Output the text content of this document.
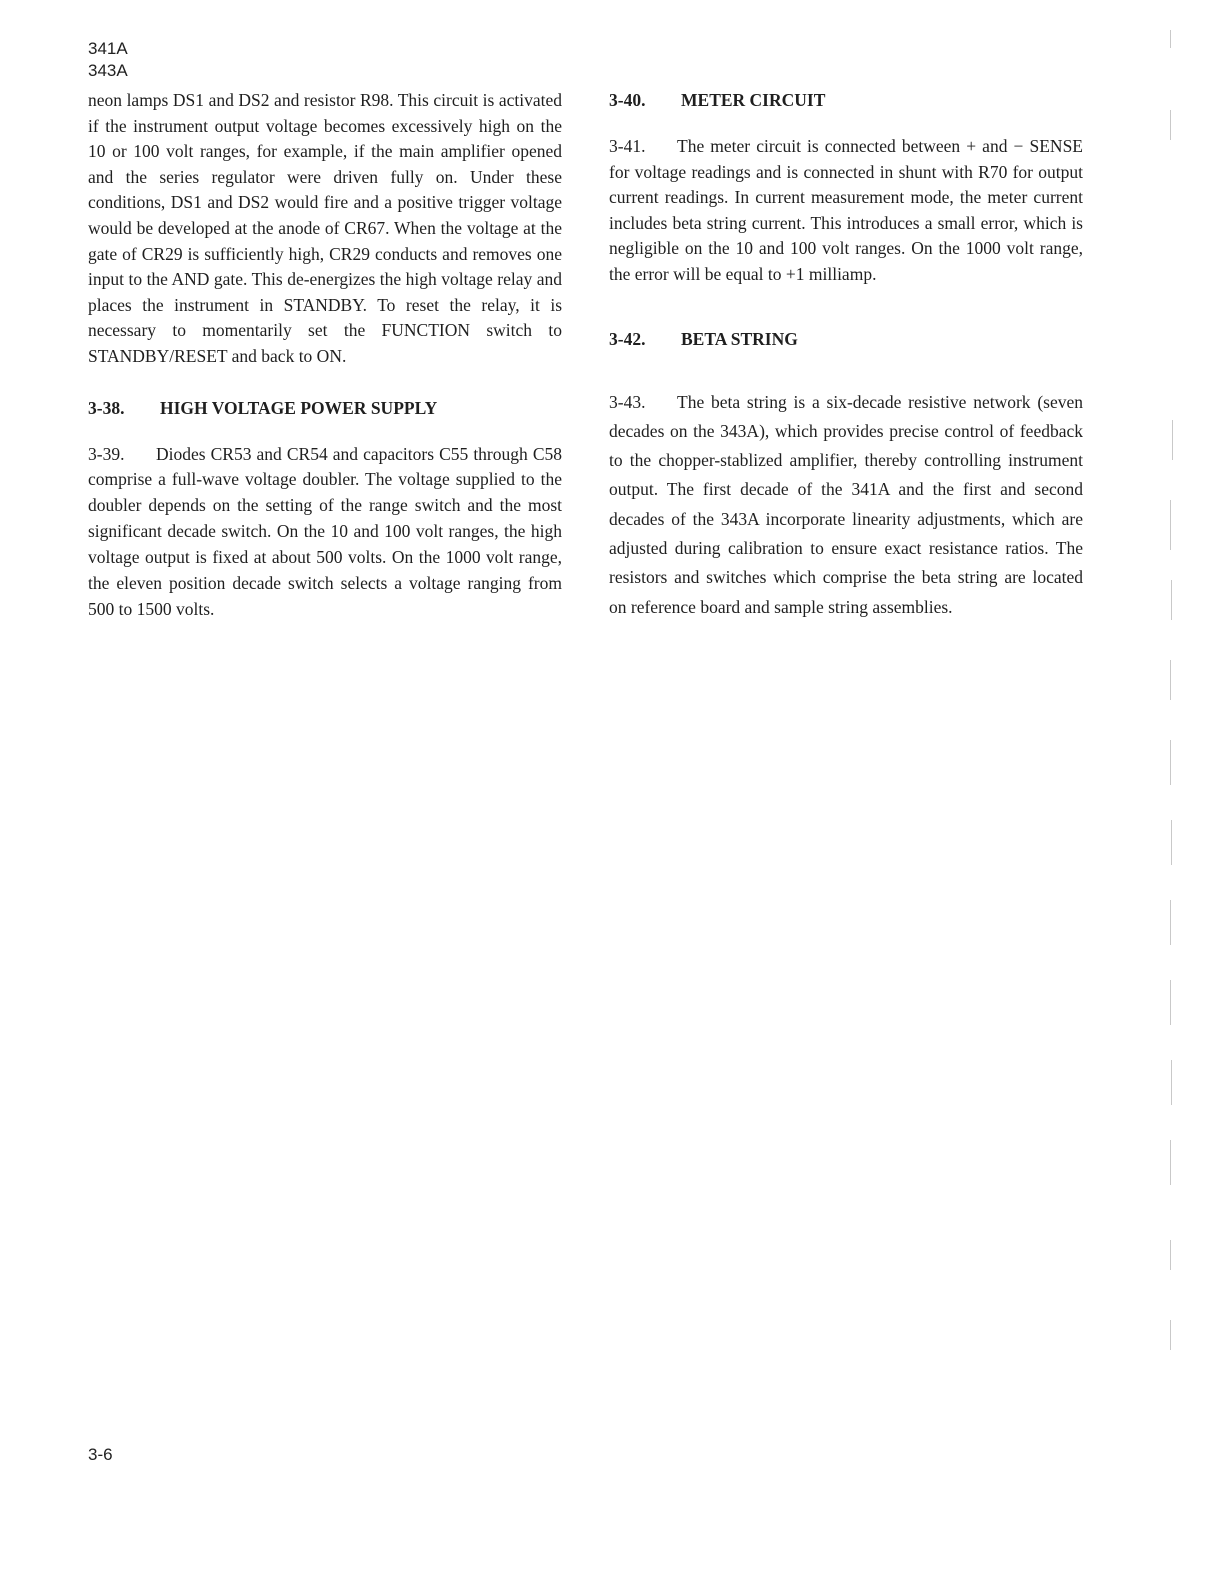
341A
343A

neon lamps DS1 and DS2 and resistor R98. This circuit is activated if the instrument output voltage becomes excessively high on the 10 or 100 volt ranges, for example, if the main amplifier opened and the series regulator were driven fully on. Under these conditions, DS1 and DS2 would fire and a positive trigger voltage would be developed at the anode of CR67. When the voltage at the gate of CR29 is sufficiently high, CR29 conducts and removes one input to the AND gate. This de-energizes the high voltage relay and places the instrument in STANDBY. To reset the relay, it is necessary to momentarily set the FUNCTION switch to STANDBY/RESET and back to ON.

3-38. HIGH VOLTAGE POWER SUPPLY

3-39. Diodes CR53 and CR54 and capacitors C55 through C58 comprise a full-wave voltage doubler. The voltage supplied to the doubler depends on the setting of the range switch and the most significant decade switch. On the 10 and 100 volt ranges, the high voltage output is fixed at about 500 volts. On the 1000 volt range, the eleven position decade switch selects a voltage ranging from 500 to 1500 volts.

3-40. METER CIRCUIT

3-41. The meter circuit is connected between + and − SENSE for voltage readings and is connected in shunt with R70 for output current readings. In current measurement mode, the meter current includes beta string current. This introduces a small error, which is negligible on the 10 and 100 volt ranges. On the 1000 volt range, the error will be equal to +1 milliamp.

3-42. BETA STRING

3-43. The beta string is a six-decade resistive network (seven decades on the 343A), which provides precise control of feedback to the chopper-stablized amplifier, thereby controlling instrument output. The first decade of the 341A and the first and second decades of the 343A incorporate linearity adjustments, which are adjusted during calibration to ensure exact resistance ratios. The resistors and switches which comprise the beta string are located on reference board and sample string assemblies.

3-6
